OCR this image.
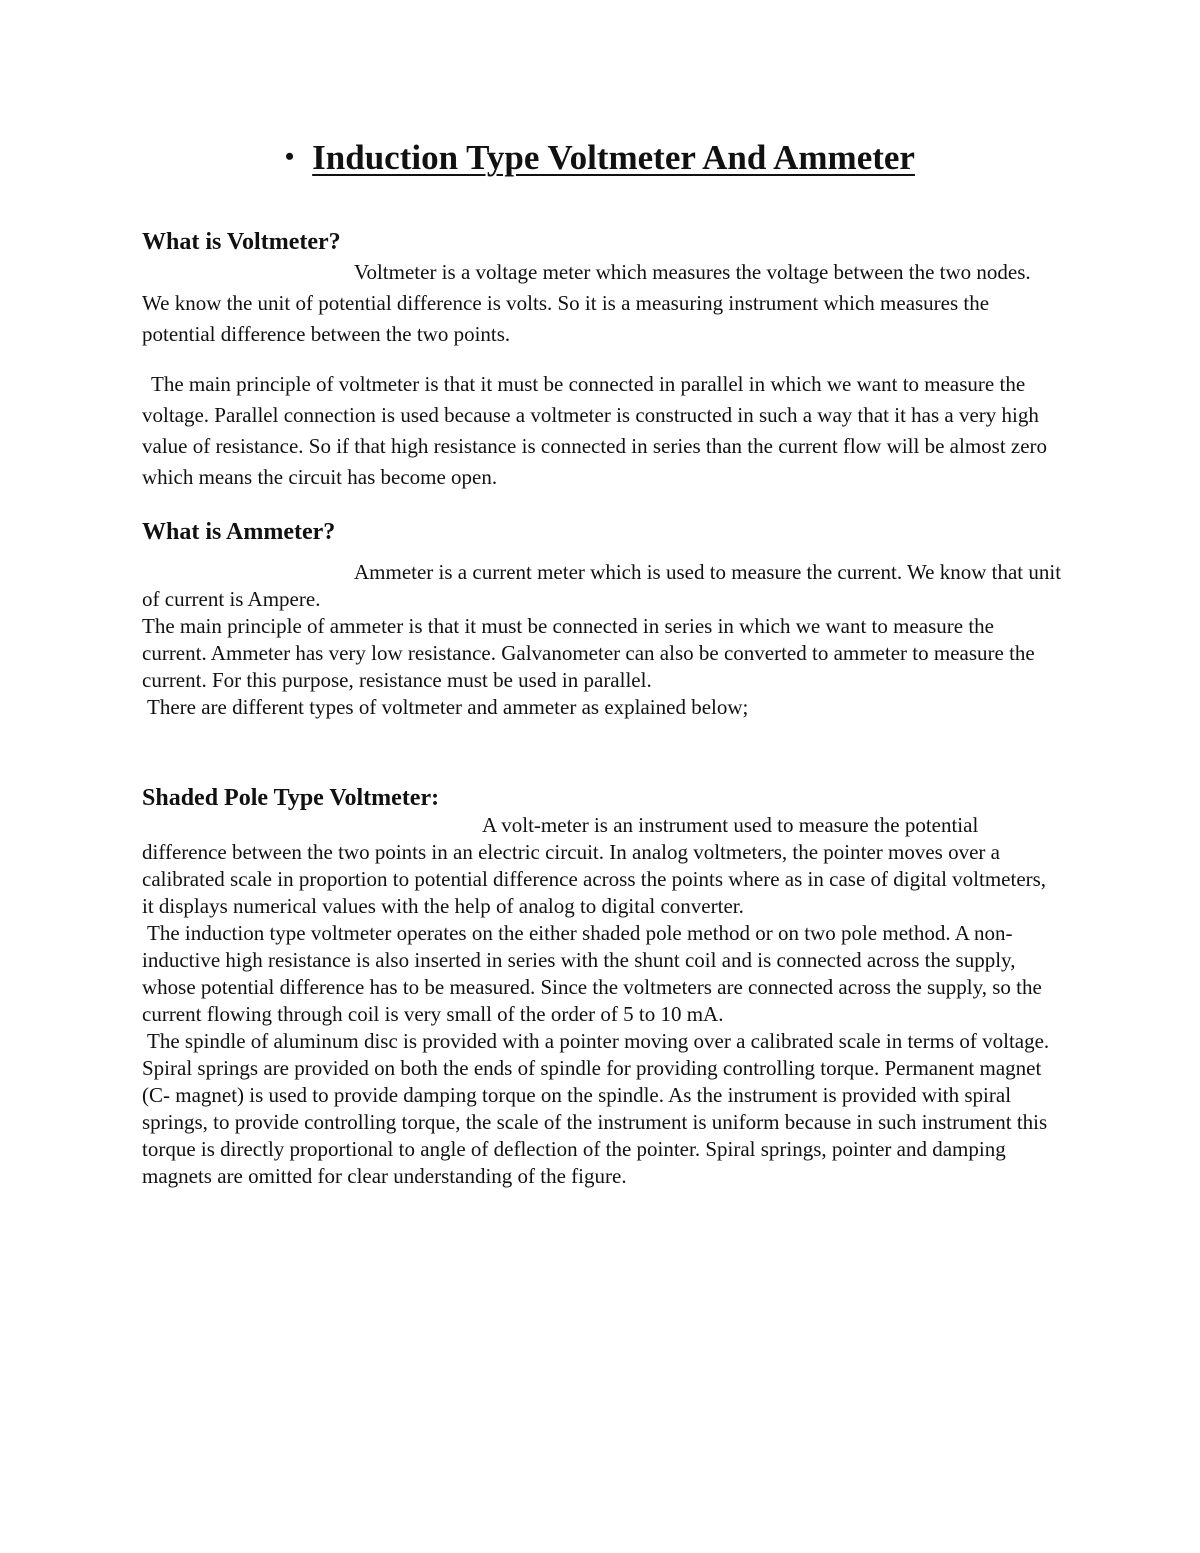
• Induction Type Voltmeter And Ammeter

What is Voltmeter?

Voltmeter is a voltage meter which measures the voltage between the two nodes. We know the unit of potential difference is volts. So it is a measuring instrument which measures the potential difference between the two points.

The main principle of voltmeter is that it must be connected in parallel in which we want to measure the voltage. Parallel connection is used because a voltmeter is constructed in such a way that it has a very high value of resistance. So if that high resistance is connected in series than the current flow will be almost zero which means the circuit has become open.

What is Ammeter?

Ammeter is a current meter which is used to measure the current. We know that unit of current is Ampere.

The main principle of ammeter is that it must be connected in series in which we want to measure the current. Ammeter has very low resistance. Galvanometer can also be converted to ammeter to measure the current. For this purpose, resistance must be used in parallel.

There are different types of voltmeter and ammeter as explained below;

Shaded Pole Type Voltmeter:

A volt-meter is an instrument used to measure the potential difference between the two points in an electric circuit. In analog voltmeters, the pointer moves over a calibrated scale in proportion to potential difference across the points where as in case of digital voltmeters, it displays numerical values with the help of analog to digital converter.

The induction type voltmeter operates on the either shaded pole method or on two pole method. A non-inductive high resistance is also inserted in series with the shunt coil and is connected across the supply, whose potential difference has to be measured. Since the voltmeters are connected across the supply, so the current flowing through coil is very small of the order of 5 to 10 mA.

The spindle of aluminum disc is provided with a pointer moving over a calibrated scale in terms of voltage. Spiral springs are provided on both the ends of spindle for providing controlling torque. Permanent magnet (C- magnet) is used to provide damping torque on the spindle. As the instrument is provided with spiral springs, to provide controlling torque, the scale of the instrument is uniform because in such instrument this torque is directly proportional to angle of deflection of the pointer. Spiral springs, pointer and damping magnets are omitted for clear understanding of the figure.
